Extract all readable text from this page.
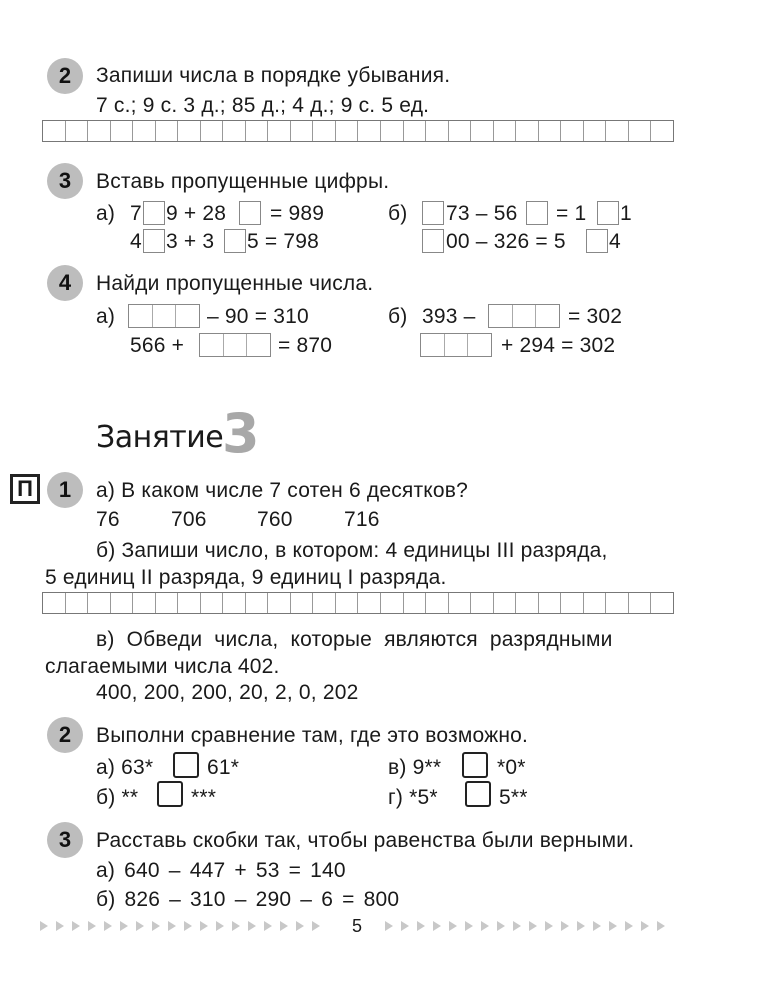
2 Запиши числа в порядке убывания.
7 с.; 9 с. 3 д.; 85 д.; 4 д.; 9 с. 5 ед.
3 Вставь пропущенные цифры.
а) 7 9 + 28 = 989
4 3 + 3 5 = 798
б) 73 – 56 = 1 1
00 – 326 = 5 4
4 Найди пропущенные числа.
а)	– 90 = 310
566 +	= 870
б) 393 –	= 302
+ 294 = 302
Занятие
3
П	1 а) В каком числе 7 сотен 6 десятков?
76 706 760 716
б) Запиши число, в котором: 4 единицы III разряда,
5 единиц II разряда, 9 единиц I разряда.
в) Обведи числа, которые являются разрядными
слагаемыми числа 402.
400, 200, 200, 20, 2, 0, 202
2 Выполни сравнение там, где это возможно.
а) 63*	61*
б) **	***
в) 9**	*0*
г) *5*	5**
3 Расставь скобки так, чтобы равенства были верными.
а) 640 – 447 + 53 = 140
б) 826 – 310 – 290 – 6 = 800
5
